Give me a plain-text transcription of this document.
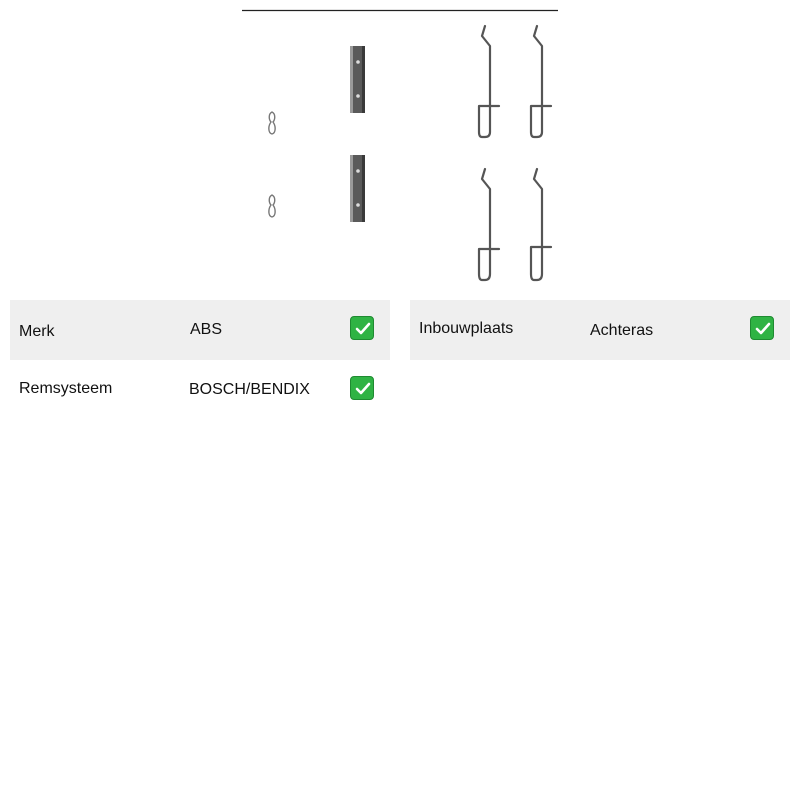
Merk	ABS	Inbouwplaats	Achteras
Remsysteem	BOSCH/BENDIX
